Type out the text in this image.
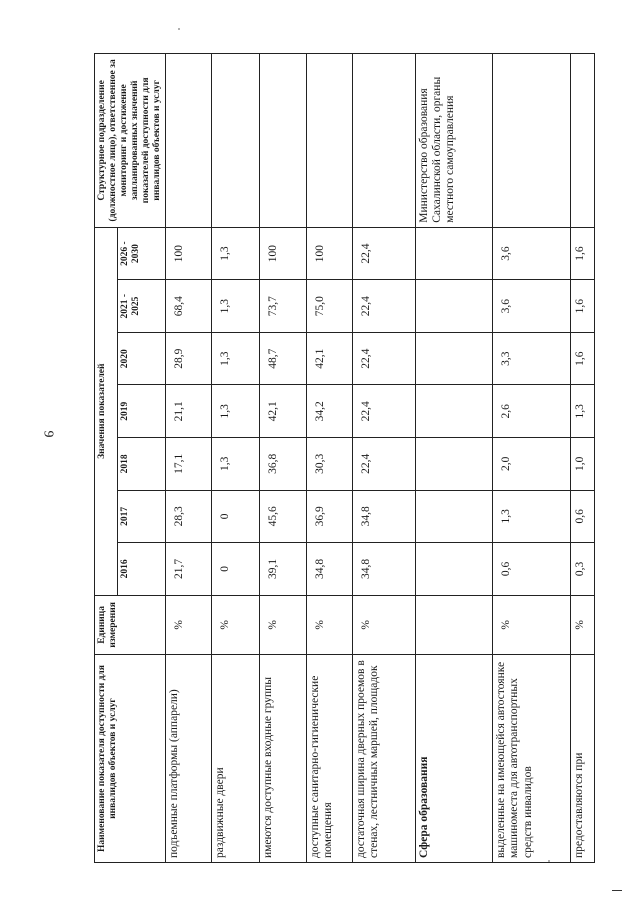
9
Наименование показателя доступности для инвалидов объектов и услуг	Единица измерения	Значения показателей							Структурное подразделение (должностное лицо), ответственное за мониторинг и достижение запланированных значений показателей доступности для инвалидов объектов и услуг
		2016	2017	2018	2019	2020	2021 - 2025	2026 - 2030	
подъемные платформы (аппарели)	%	21,7	28,3	17,1	21,1	28,9	68,4	100	
раздвижные двери	%	0	0	1,3	1,3	1,3	1,3	1,3	
имеются доступные входные группы	%	39,1	45,6	36,8	42,1	48,7	73,7	100	
доступные санитарно-гигиенические помещения	%	34,8	36,9	30,3	34,2	42,1	75,0	100	
достаточная ширина дверных проемов в стенах, лестничных маршей, площадок	%	34,8	34,8	22,4	22,4	22,4	22,4	22,4	
Сфера образования									Министерство образования Сахалинской области, органы местного самоуправления
выделенные на имеющейся автостоянке машиноместа для автотранспортных средств инвалидов	%	0,6	1,3	2,0	2,6	3,3	3,6	3,6	
предоставляются при	%	0,3	0,6	1,0	1,3	1,6	1,6	1,6	
